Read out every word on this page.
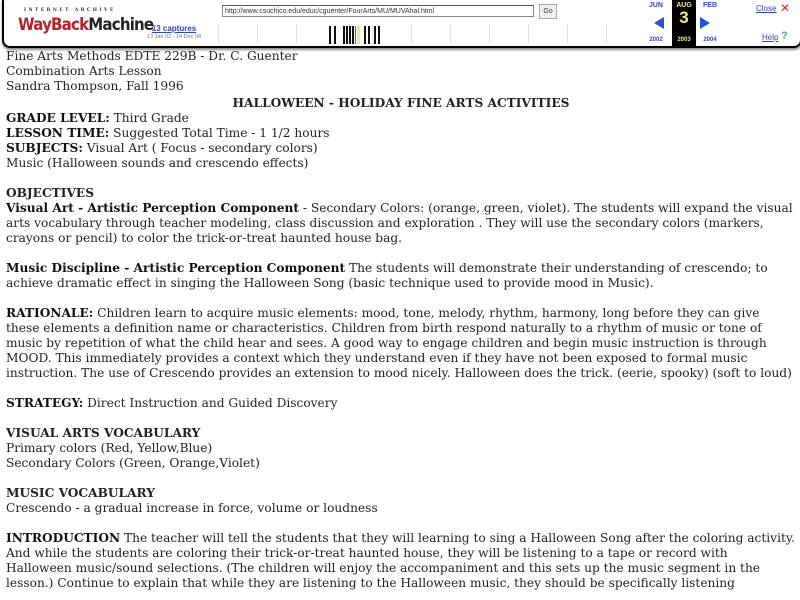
INTERNET ARCHIVE
WayBackMachine
13 captures
13 Jan 02 - 14 Dec 04
http://www.csuchico.edu/educ/cguenter/FourArts/MU/MUVAhal.html	Go
JUN
2002
AUG
3
2003
FEB
2004
Close ✕
Help ?

Fine Arts Methods EDTE 229B - Dr. C. Guenter

Combination Arts Lesson

Sandra Thompson, Fall 1996

HALLOWEEN - HOLIDAY FINE ARTS ACTIVITIES

GRADE LEVEL: Third Grade

LESSON TIME: Suggested Total Time - 1 1/2 hours

SUBJECTS: Visual Art ( Focus - secondary colors)

Music (Halloween sounds and crescendo effects)

OBJECTIVES

Visual Art - Artistic Perception Component - Secondary Colors: (orange, green, violet). The students will expand the visual arts vocabulary through teacher modeling, class discussion and exploration . They will use the secondary colors (markers, crayons or pencil) to color the trick-or-treat haunted house bag.

Music Discipline - Artistic Perception Component The students will demonstrate their understanding of crescendo; to achieve dramatic effect in singing the Halloween Song (basic technique used to provide mood in Music).

RATIONALE: Children learn to acquire music elements: mood, tone, melody, rhythm, harmony, long before they can give these elements a definition name or characteristics. Children from birth respond naturally to a rhythm of music or tone of music by repetition of what the child hear and sees. A good way to engage children and begin music instruction is through MOOD. This immediately provides a context which they understand even if they have not been exposed to formal music instruction. The use of Crescendo provides an extension to mood nicely. Halloween does the trick. (eerie, spooky) (soft to loud)

STRATEGY: Direct Instruction and Guided Discovery

VISUAL ARTS VOCABULARY

Primary colors (Red, Yellow,Blue)

Secondary Colors (Green, Orange,Violet)

MUSIC VOCABULARY

Crescendo - a gradual increase in force, volume or loudness

INTRODUCTION The teacher will tell the students that they will learning to sing a Halloween Song after the coloring activity. And while the students are coloring their trick-or-treat haunted house, they will be listening to a tape or record with Halloween music/sound selections. (The children will enjoy the accompaniment and this sets up the music segment in the lesson.) Continue to explain that while they are listening to the Halloween music, they should be specifically listening
